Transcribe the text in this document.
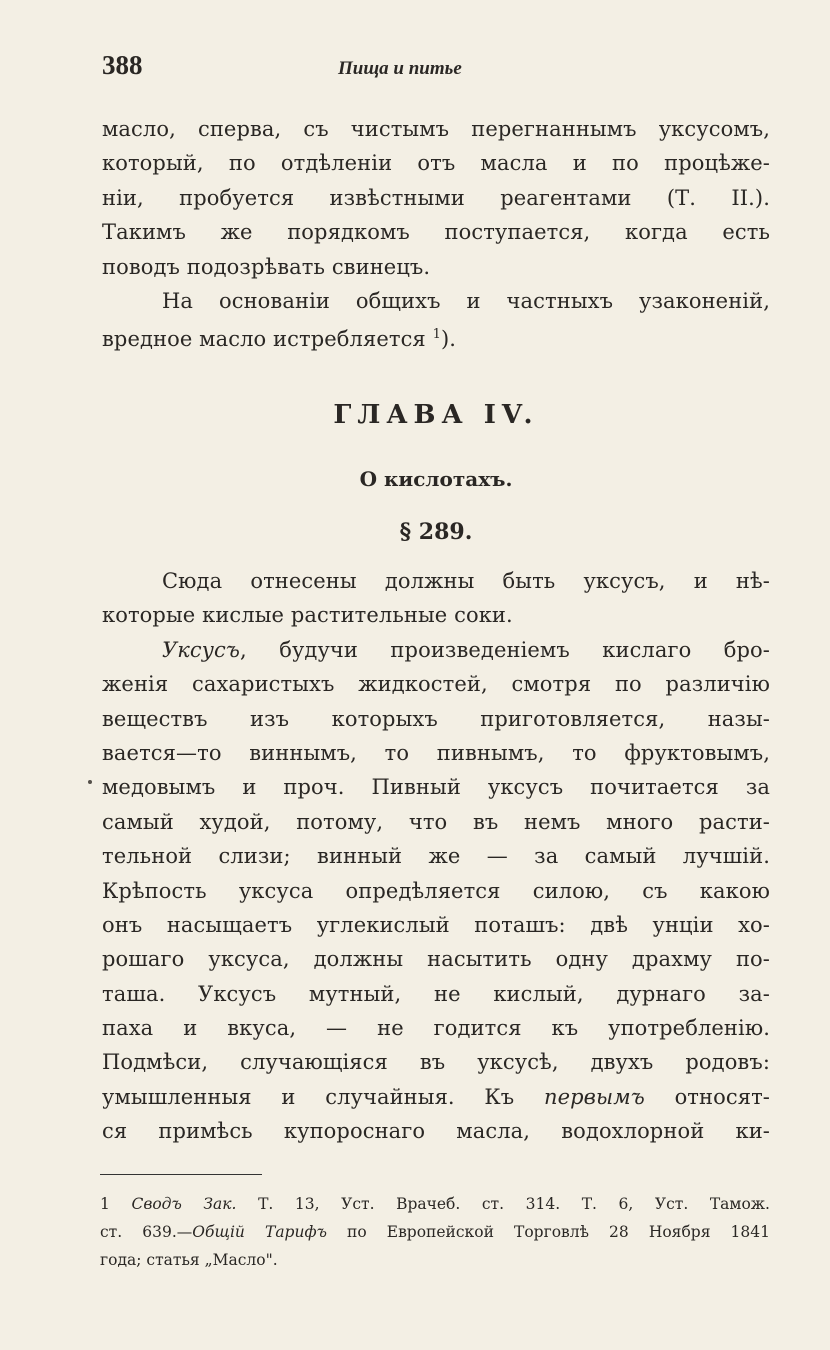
388	Пища и питье
масло, сперва, съ чистымъ перегнаннымъ уксусомъ,
который, по отдѣленіи отъ масла и по процѣже-
ніи, пробуется извѣстными реагентами (Т. II.).
Такимъ же порядкомъ поступается, когда есть
поводъ подозрѣвать свинецъ.
На основаніи общихъ и частныхъ узаконеній,
вредное масло истребляется $^1$).
ГЛАВА IV.
О кислотахъ.
§ 289.
Сюда отнесены должны быть уксусъ, и нѣ-
которые кислые растительные соки.
Уксусъ, будучи произведеніемъ кислаго бро-
женія сахаристыхъ жидкостей, смотря по различію
веществъ изъ которыхъ приготовляется, назы-
вается—то виннымъ, то пивнымъ, то фруктовымъ,
медовымъ и проч. Пивный уксусъ почитается за
самый худой, потому, что въ немъ много расти-
тельной слизи; винный же — за самый лучшій.
Крѣпость уксуса опредѣляется силою, съ какою
онъ насыщаетъ углекислый поташъ: двѣ унціи хо-
рошаго уксуса, должны насытить одну драхму по-
таша. Уксусъ мутный, не кислый, дурнаго за-
паха и вкуса, — не годится къ употребленію.
Подмѣси, случающіяся въ уксусѣ, двухъ родовъ:
умышленныя и случайныя. Къ первымъ относят-
ся примѣсь купороснаго масла, водохлорной ки-
1 Сводъ Зак. Т. 13, Уст. Врачеб. ст. 314. Т. 6, Уст. Тамож.
ст. 639.—Общій Тарифъ по Европейской Торговлѣ 28 Ноября 1841
года; статья „Масло".
